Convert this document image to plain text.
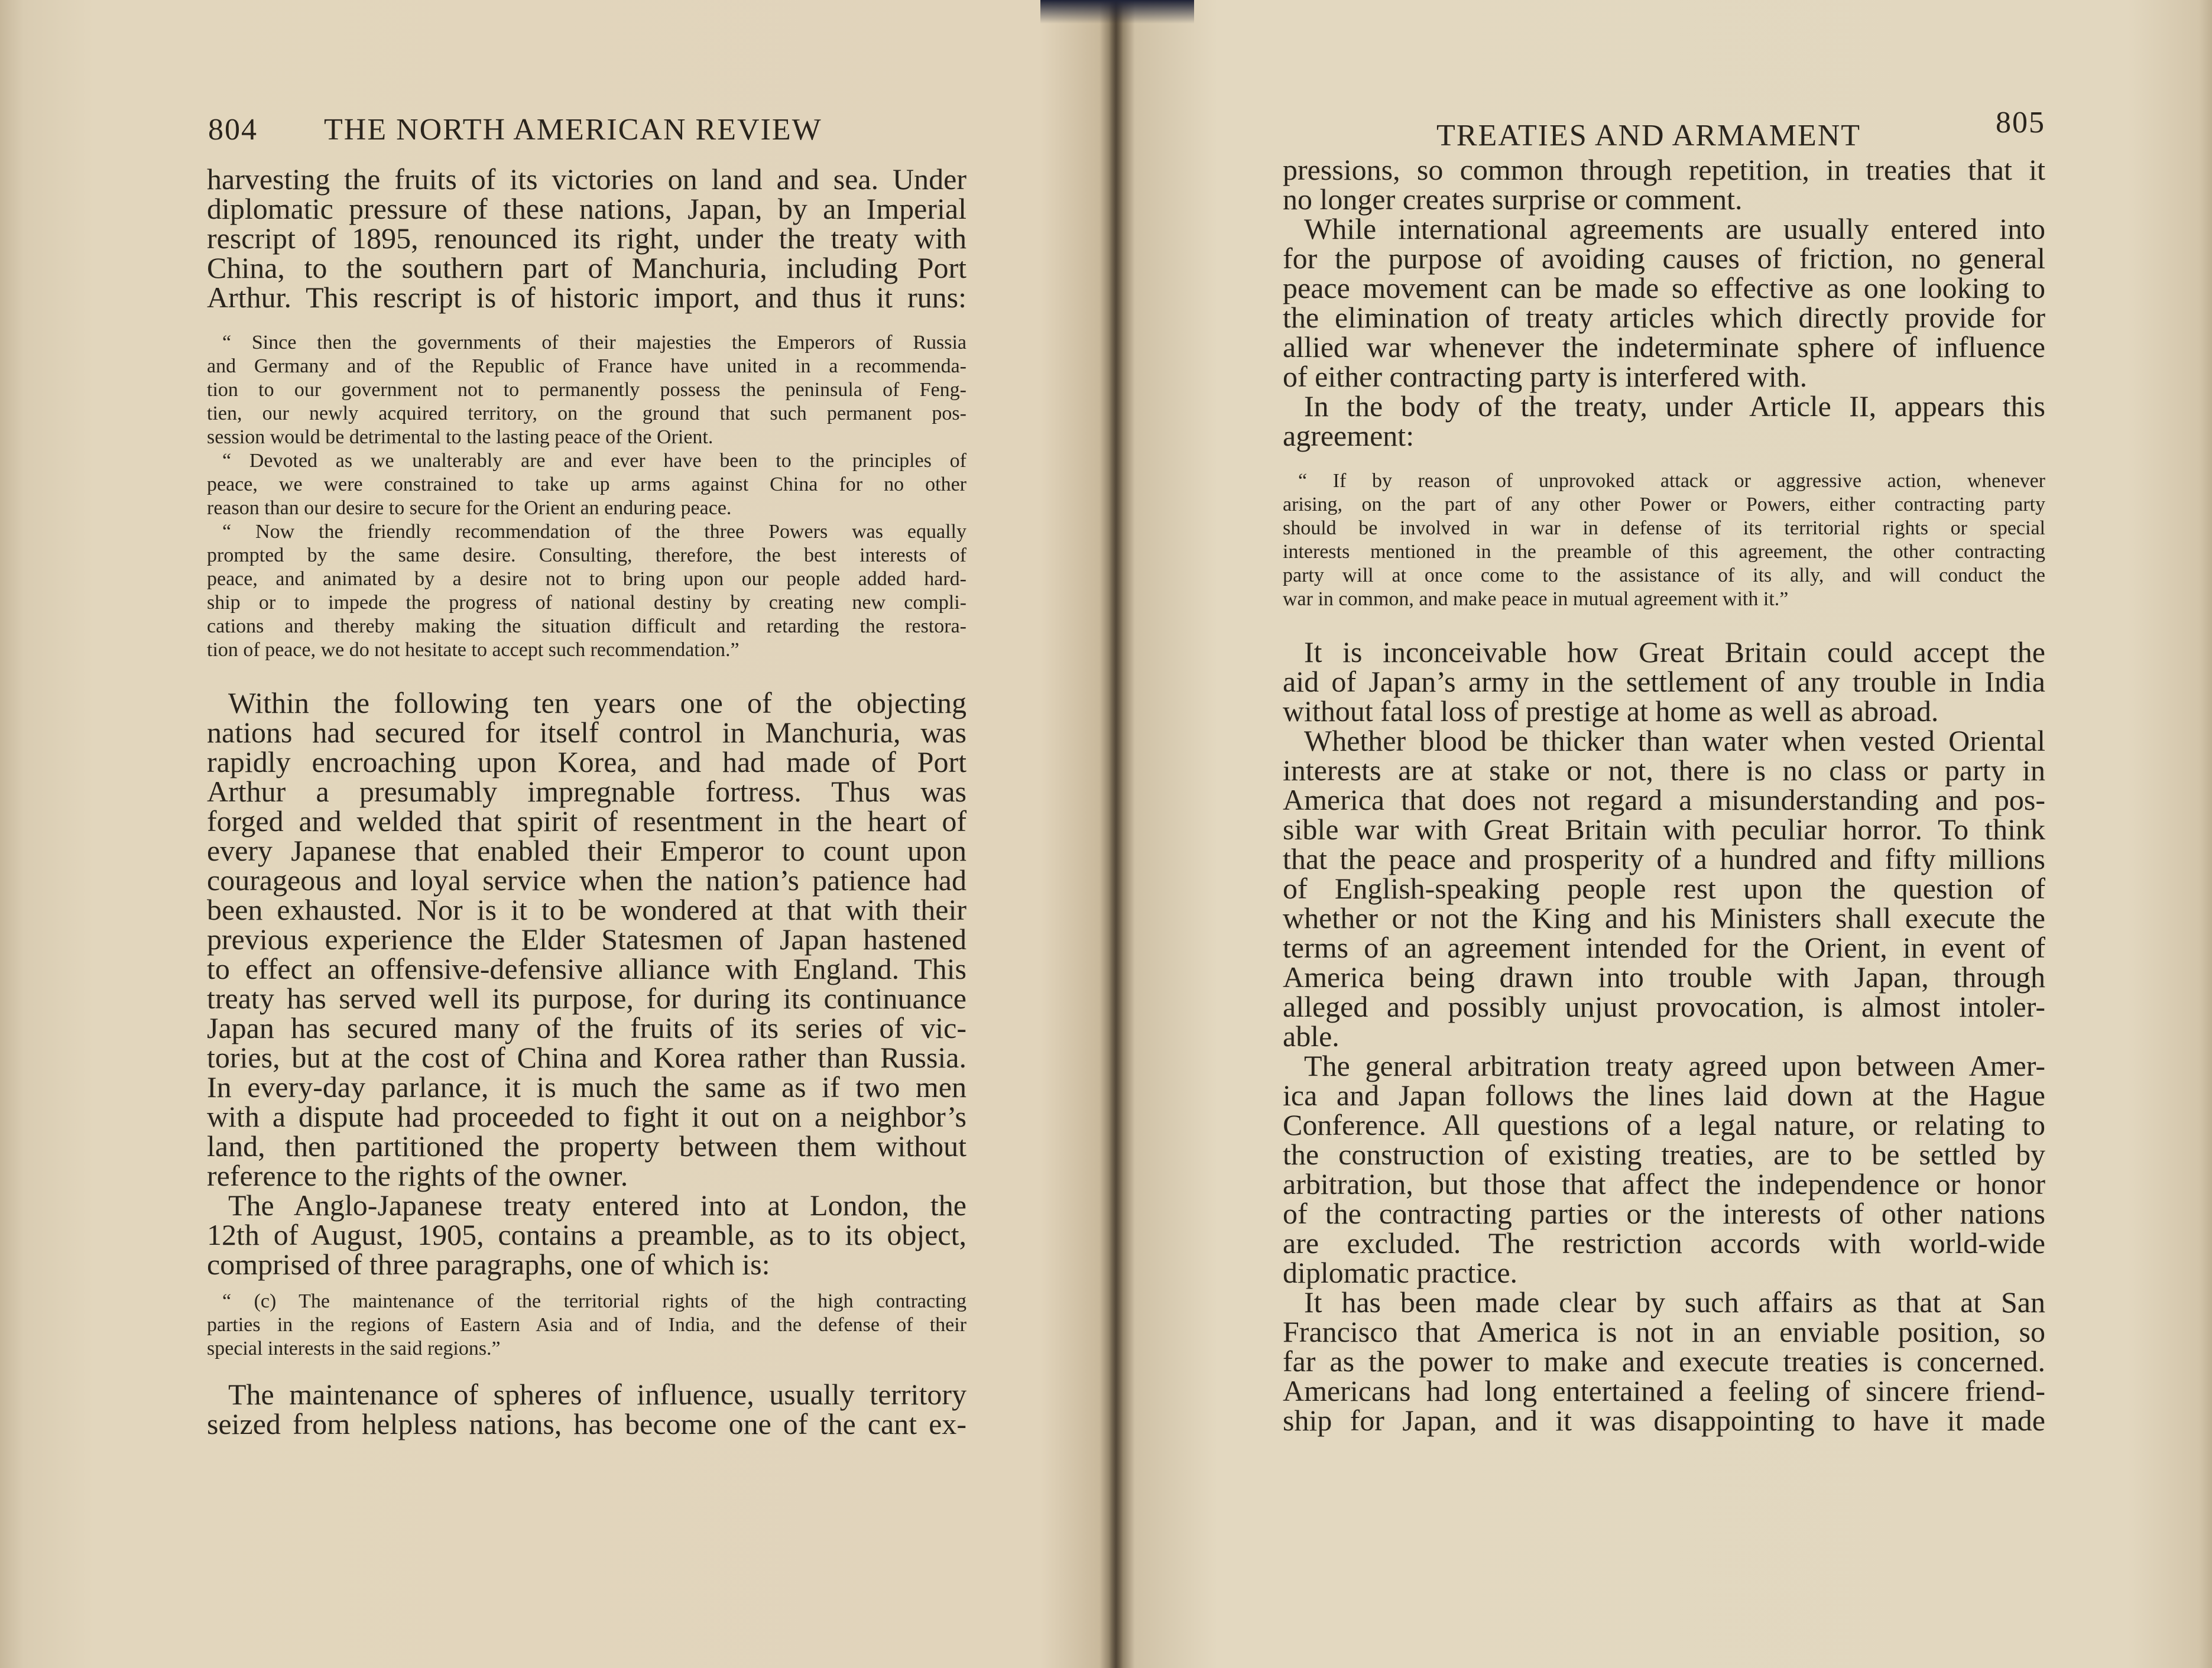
804 THE NORTH AMERICAN REVIEW
harvesting the fruits of its victories on land and sea. Under
diplomatic pressure of these nations, Japan, by an Imperial
rescript of 1895, renounced its right, under the treaty with
China, to the southern part of Manchuria, including Port
Arthur. This rescript is of historic import, and thus it runs:
“ Since then the governments of their majesties the Emperors of Russia
and Germany and of the Republic of France have united in a recommenda-
tion to our government not to permanently possess the peninsula of Feng-
tien, our newly acquired territory, on the ground that such permanent pos-
session would be detrimental to the lasting peace of the Orient.
“ Devoted as we unalterably are and ever have been to the principles of
peace, we were constrained to take up arms against China for no other
reason than our desire to secure for the Orient an enduring peace.
“ Now the friendly recommendation of the three Powers was equally
prompted by the same desire. Consulting, therefore, the best interests of
peace, and animated by a desire not to bring upon our people added hard-
ship or to impede the progress of national destiny by creating new compli-
cations and thereby making the situation difficult and retarding the restora-
tion of peace, we do not hesitate to accept such recommendation.”
Within the following ten years one of the objecting
nations had secured for itself control in Manchuria, was
rapidly encroaching upon Korea, and had made of Port
Arthur a presumably impregnable fortress. Thus was
forged and welded that spirit of resentment in the heart of
every Japanese that enabled their Emperor to count upon
courageous and loyal service when the nation’s patience had
been exhausted. Nor is it to be wondered at that with their
previous experience the Elder Statesmen of Japan hastened
to effect an offensive-defensive alliance with England. This
treaty has served well its purpose, for during its continuance
Japan has secured many of the fruits of its series of vic-
tories, but at the cost of China and Korea rather than Russia.
In every-day parlance, it is much the same as if two men
with a dispute had proceeded to fight it out on a neighbor’s
land, then partitioned the property between them without
reference to the rights of the owner.
The Anglo-Japanese treaty entered into at London, the
12th of August, 1905, contains a preamble, as to its object,
comprised of three paragraphs, one of which is:
“ (c) The maintenance of the territorial rights of the high contracting
parties in the regions of Eastern Asia and of India, and the defense of their
special interests in the said regions.”
The maintenance of spheres of influence, usually territory
seized from helpless nations, has become one of the cant ex-
TREATIES AND ARMAMENT	805
pressions, so common through repetition, in treaties that it
no longer creates surprise or comment.
While international agreements are usually entered into
for the purpose of avoiding causes of friction, no general
peace movement can be made so effective as one looking to
the elimination of treaty articles which directly provide for
allied war whenever the indeterminate sphere of influence
of either contracting party is interfered with.
In the body of the treaty, under Article II, appears this
agreement:
“ If by reason of unprovoked attack or aggressive action, whenever
arising, on the part of any other Power or Powers, either contracting party
should be involved in war in defense of its territorial rights or special
interests mentioned in the preamble of this agreement, the other contracting
party will at once come to the assistance of its ally, and will conduct the
war in common, and make peace in mutual agreement with it.”
It is inconceivable how Great Britain could accept the
aid of Japan’s army in the settlement of any trouble in India
without fatal loss of prestige at home as well as abroad.
Whether blood be thicker than water when vested Oriental
interests are at stake or not, there is no class or party in
America that does not regard a misunderstanding and pos-
sible war with Great Britain with peculiar horror. To think
that the peace and prosperity of a hundred and fifty millions
of English-speaking people rest upon the question of
whether or not the King and his Ministers shall execute the
terms of an agreement intended for the Orient, in event of
America being drawn into trouble with Japan, through
alleged and possibly unjust provocation, is almost intoler-
able.
The general arbitration treaty agreed upon between Amer-
ica and Japan follows the lines laid down at the Hague
Conference. All questions of a legal nature, or relating to
the construction of existing treaties, are to be settled by
arbitration, but those that affect the independence or honor
of the contracting parties or the interests of other nations
are excluded. The restriction accords with world-wide
diplomatic practice.
It has been made clear by such affairs as that at San
Francisco that America is not in an enviable position, so
far as the power to make and execute treaties is concerned.
Americans had long entertained a feeling of sincere friend-
ship for Japan, and it was disappointing to have it made
